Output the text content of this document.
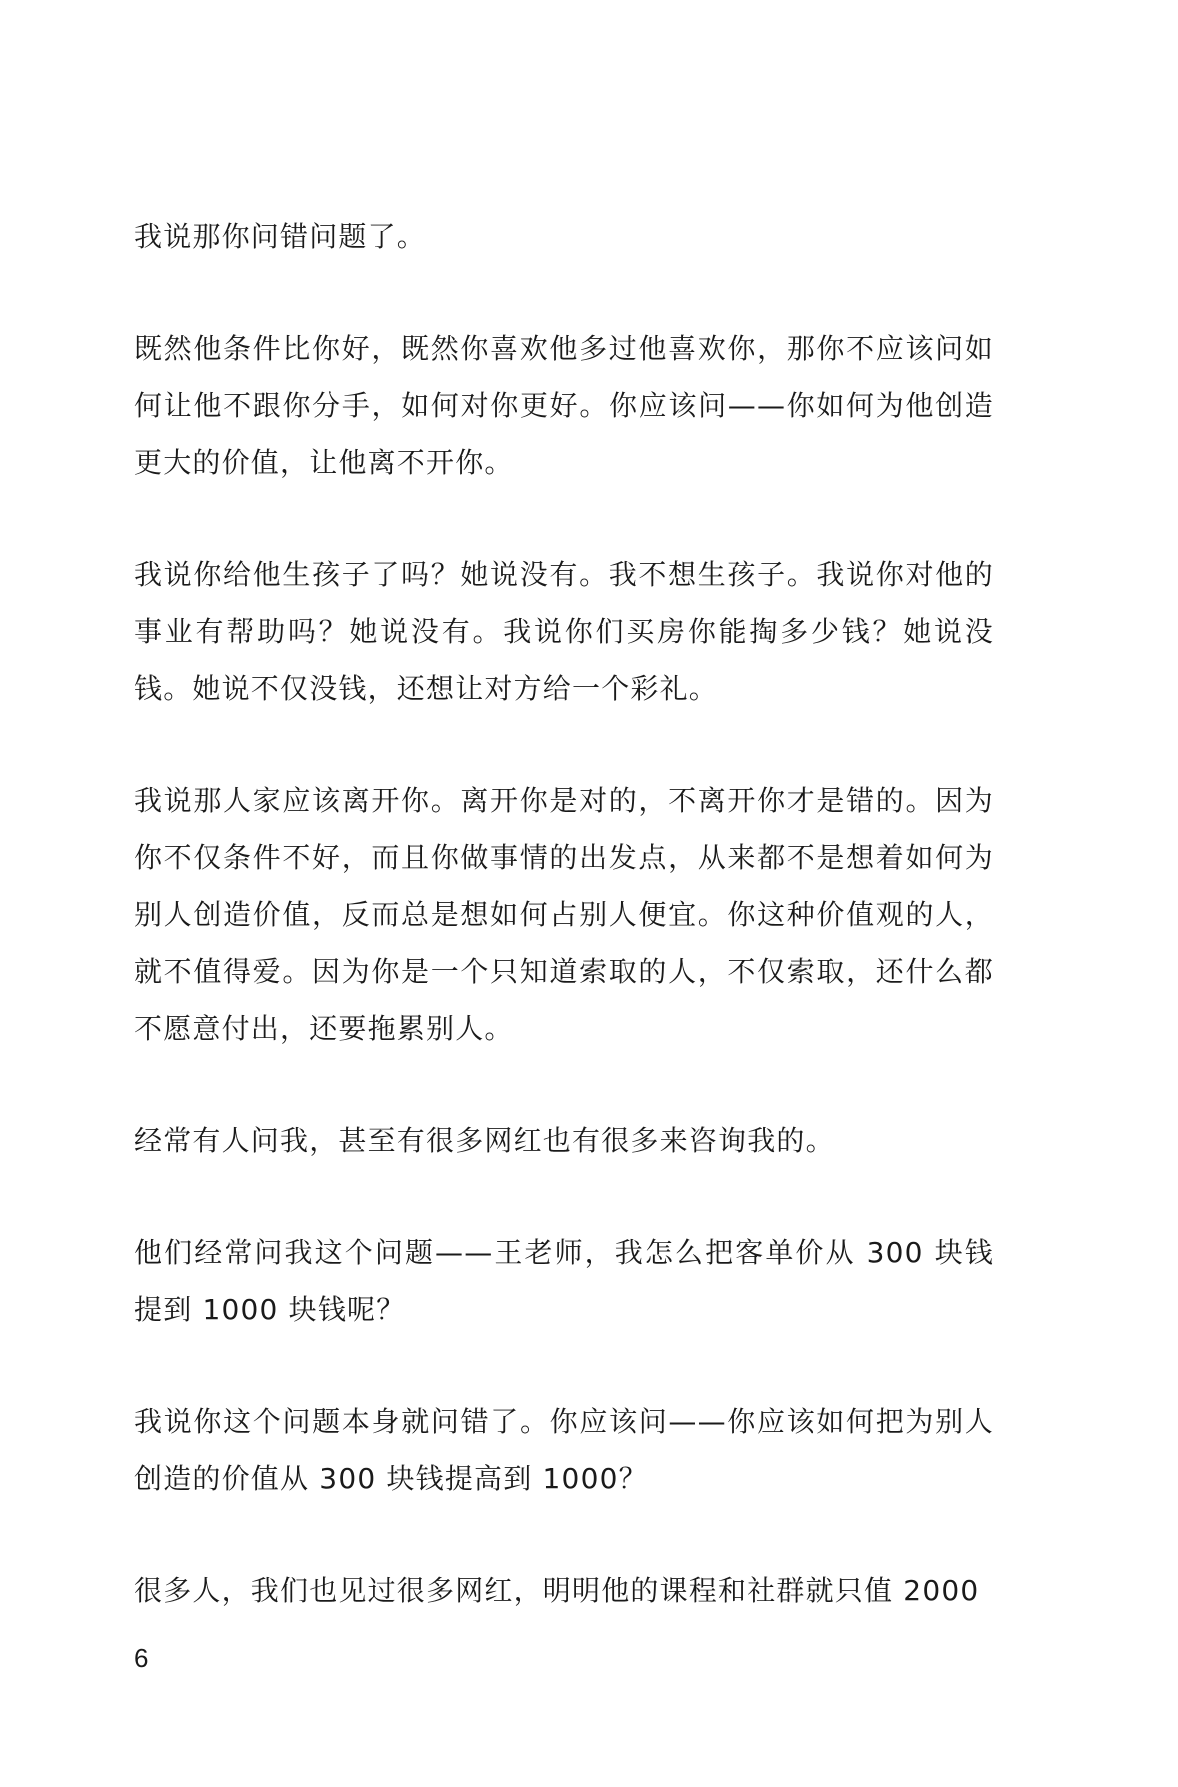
我说那你问错问题了。

既然他条件比你好，既然你喜欢他多过他喜欢你，那你不应该问如何让他不跟你分手，如何对你更好。你应该问——你如何为他创造更大的价值，让他离不开你。

我说你给他生孩子了吗？她说没有。我不想生孩子。我说你对他的事业有帮助吗？她说没有。我说你们买房你能掏多少钱？她说没钱。她说不仅没钱，还想让对方给一个彩礼。

我说那人家应该离开你。离开你是对的，不离开你才是错的。因为你不仅条件不好，而且你做事情的出发点，从来都不是想着如何为别人创造价值，反而总是想如何占别人便宜。你这种价值观的人，就不值得爱。因为你是一个只知道索取的人，不仅索取，还什么都不愿意付出，还要拖累别人。

经常有人问我，甚至有很多网红也有很多来咨询我的。

他们经常问我这个问题——王老师，我怎么把客单价从 300 块钱提到 1000 块钱呢？

我说你这个问题本身就问错了。你应该问——你应该如何把为别人创造的价值从 300 块钱提高到 1000？

很多人，我们也见过很多网红，明明他的课程和社群就只值 2000

6
